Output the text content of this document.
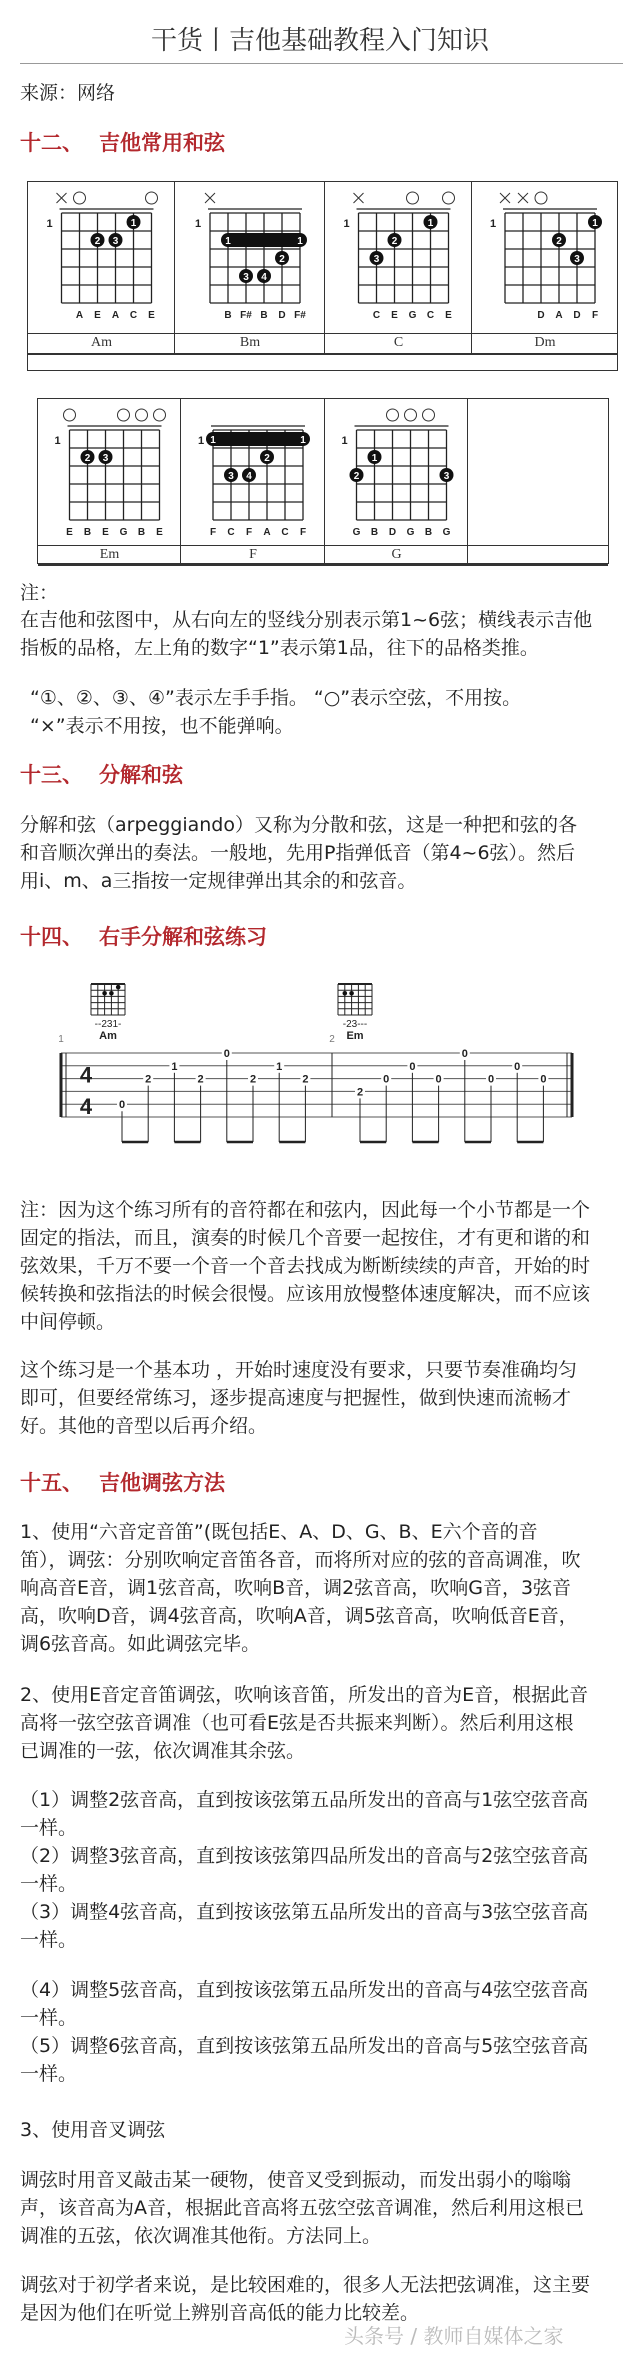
干货丨吉他基础教程入门知识
来源：网络
十二、 吉他常用和弦
1	1
2 3
A E A C E
Am
1
1	1
2
3 4
B F# B D F#
Bm
1	1
2
3
C E G C E
C
1	1
2
3
D A D F
Dm
1
2 3
E B E G B E
Em
1 1	1
2
3 4
F C F A C F
F
1
1
2	3
G B D G B G
G
注：
在吉他和弦图中，从右向左的竖线分别表示第1~6弦；横线表示吉他
指板的品格，左上角的数字“1”表示第1品，往下的品格类推。
“①、②、③、④”表示左手手指。 “○”表示空弦，不用按。
“×”表示不用按，也不能弹响。
十三、 分解和弦
分解和弦（arpeggiando）又称为分散和弦，这是一种把和弦的各
和音顺次弹出的奏法。一般地，先用P指弹低音（第4~6弦）。然后
用i、m、a三指按一定规律弹出其余的和弦音。
十四、 右手分解和弦练习
4
4
1
--231-
Am
0
2
1
2
0
2
1
2
2
-23---
Em
2
0
0
0
0
0
0
0
注：因为这个练习所有的音符都在和弦内，因此每一个小节都是一个
固定的指法，而且，演奏的时候几个音要一起按住，才有更和谐的和
弦效果，千万不要一个音一个音去找成为断断续续的声音，开始的时
候转换和弦指法的时候会很慢。应该用放慢整体速度解决，而不应该
中间停顿。
这个练习是一个基本功 ，开始时速度没有要求，只要节奏准确均匀
即可，但要经常练习，逐步提高速度与把握性，做到快速而流畅才
好。其他的音型以后再介绍。
十五、 吉他调弦方法
1、使用“六音定音笛”(既包括E、A、D、G、B、E六个音的音
笛），调弦：分别吹响定音笛各音，而将所对应的弦的音高调准，吹
响高音E音，调1弦音高，吹响B音，调2弦音高，吹响G音，3弦音
高，吹响D音，调4弦音高，吹响A音，调5弦音高，吹响低音E音，
调6弦音高。如此调弦完毕。
2、使用E音定音笛调弦，吹响该音笛，所发出的音为E音，根据此音
高将一弦空弦音调准（也可看E弦是否共振来判断）。然后利用这根
已调准的一弦，依次调准其余弦。
（1）调整2弦音高，直到按该弦第五品所发出的音高与1弦空弦音高
一样。
（2）调整3弦音高，直到按该弦第四品所发出的音高与2弦空弦音高
一样。
（3）调整4弦音高，直到按该弦第五品所发出的音高与3弦空弦音高
一样。
（4）调整5弦音高，直到按该弦第五品所发出的音高与4弦空弦音高
一样。
（5）调整6弦音高，直到按该弦第五品所发出的音高与5弦空弦音高
一样。
3、使用音叉调弦
调弦时用音叉敲击某一硬物，使音叉受到振动，而发出弱小的嗡嗡
声，该音高为A音，根据此音高将五弦空弦音调准，然后利用这根已
调准的五弦，依次调准其他衔。方法同上。
调弦对于初学者来说，是比较困难的，很多人无法把弦调准，这主要
是因为他们在听觉上辨别音高低的能力比较差。
头条号 / 教师自媒体之家
